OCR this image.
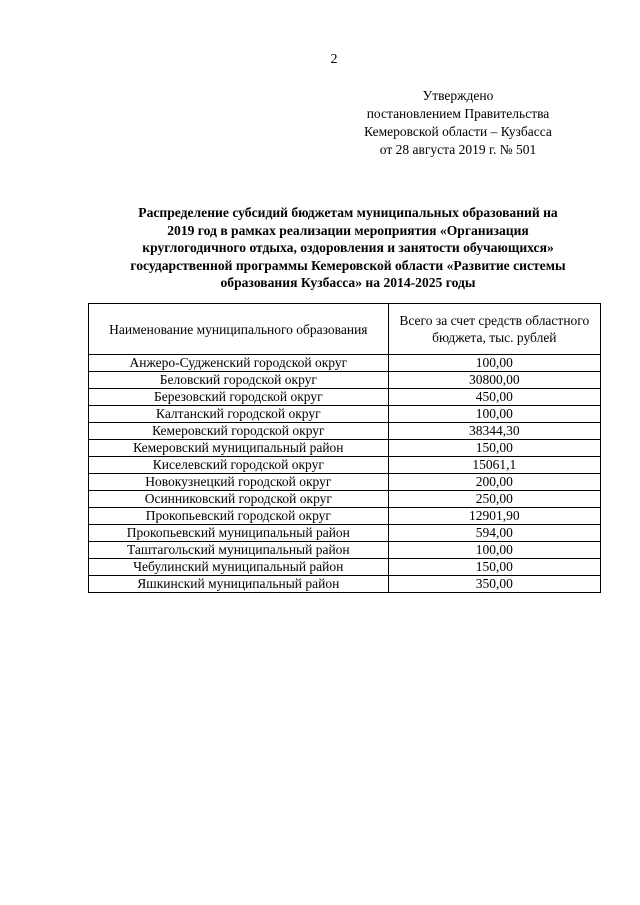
2
Утверждено
постановлением Правительства
Кемеровской области – Кузбасса
от 28 августа 2019 г. № 501
Распределение субсидий бюджетам муниципальных образований на
2019 год в рамках реализации мероприятия «Организация
круглогодичного отдыха, оздоровления и занятости обучающихся»
государственной программы Кемеровской области «Развитие системы
образования Кузбасса» на 2014-2025 годы
Наименование муниципального образования	Всего за счет средств областного бюджета, тыс. рублей
Анжеро-Судженский городской округ	100,00
Беловский городской округ	30800,00
Березовский городской округ	450,00
Калтанский городской округ	100,00
Кемеровский городской округ	38344,30
Кемеровский муниципальный район	150,00
Киселевский городской округ	15061,1
Новокузнецкий городской округ	200,00
Осинниковский городской округ	250,00
Прокопьевский городской округ	12901,90
Прокопьевский муниципальный район	594,00
Таштагольский муниципальный район	100,00
Чебулинский муниципальный район	150,00
Яшкинский муниципальный район	350,00
